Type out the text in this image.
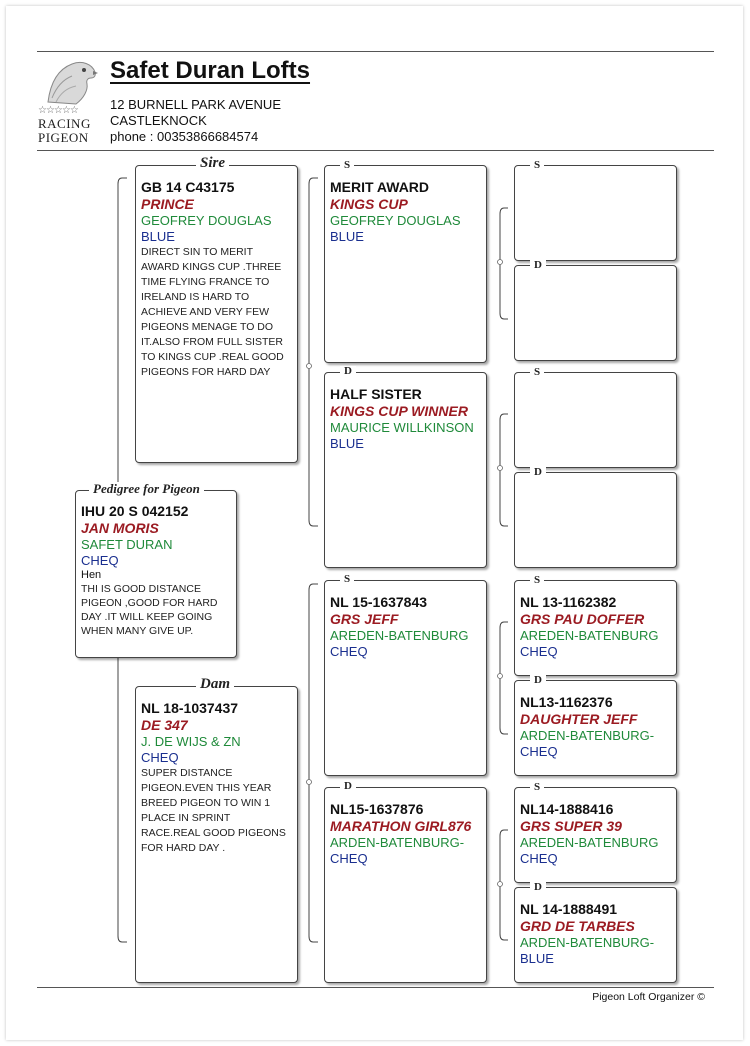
☆☆☆☆☆
RACING
PIGEON
Safet Duran Lofts
12 BURNELL PARK AVENUE
CASTLEKNOCK
phone : 00353866684574
IHU 20 S 042152
JAN MORIS
SAFET DURAN
CHEQ
Hen
THI IS GOOD DISTANCE PIGEON ,GOOD FOR HARD DAY .IT WILL KEEP GOING WHEN MANY GIVE UP.
Pedigree for Pigeon
GB 14 C43175
PRINCE
GEOFREY DOUGLAS
BLUE
DIRECT SIN TO MERIT AWARD KINGS CUP .THREE TIME FLYING FRANCE TO IRELAND IS HARD TO ACHIEVE AND VERY FEW PIGEONS MENAGE TO DO IT.ALSO FROM FULL SISTER TO KINGS CUP .REAL GOOD PIGEONS FOR HARD DAY
Sire
NL 18-1037437
DE 347
J. DE WIJS & ZN
CHEQ
SUPER DISTANCE PIGEON.EVEN THIS YEAR BREED PIGEON TO WIN 1 PLACE IN SPRINT RACE.REAL GOOD PIGEONS FOR HARD DAY .
Dam
MERIT AWARD
KINGS CUP
GEOFREY DOUGLAS
BLUE
S
HALF SISTER
KINGS CUP WINNER
MAURICE WILLKINSON
BLUE
D
NL 15-1637843
GRS JEFF
AREDEN-BATENBURG
CHEQ
S
NL15-1637876
MARATHON GIRL876
ARDEN-BATENBURG-
CHEQ
D
S
D
S
D
NL 13-1162382
GRS PAU DOFFER
AREDEN-BATENBURG
CHEQ
S
NL13-1162376
DAUGHTER JEFF
ARDEN-BATENBURG-
CHEQ
D
NL14-1888416
GRS SUPER 39
AREDEN-BATENBURG
CHEQ
S
NL 14-1888491
GRD DE TARBES
ARDEN-BATENBURG-
BLUE
D
Pigeon Loft Organizer ©
